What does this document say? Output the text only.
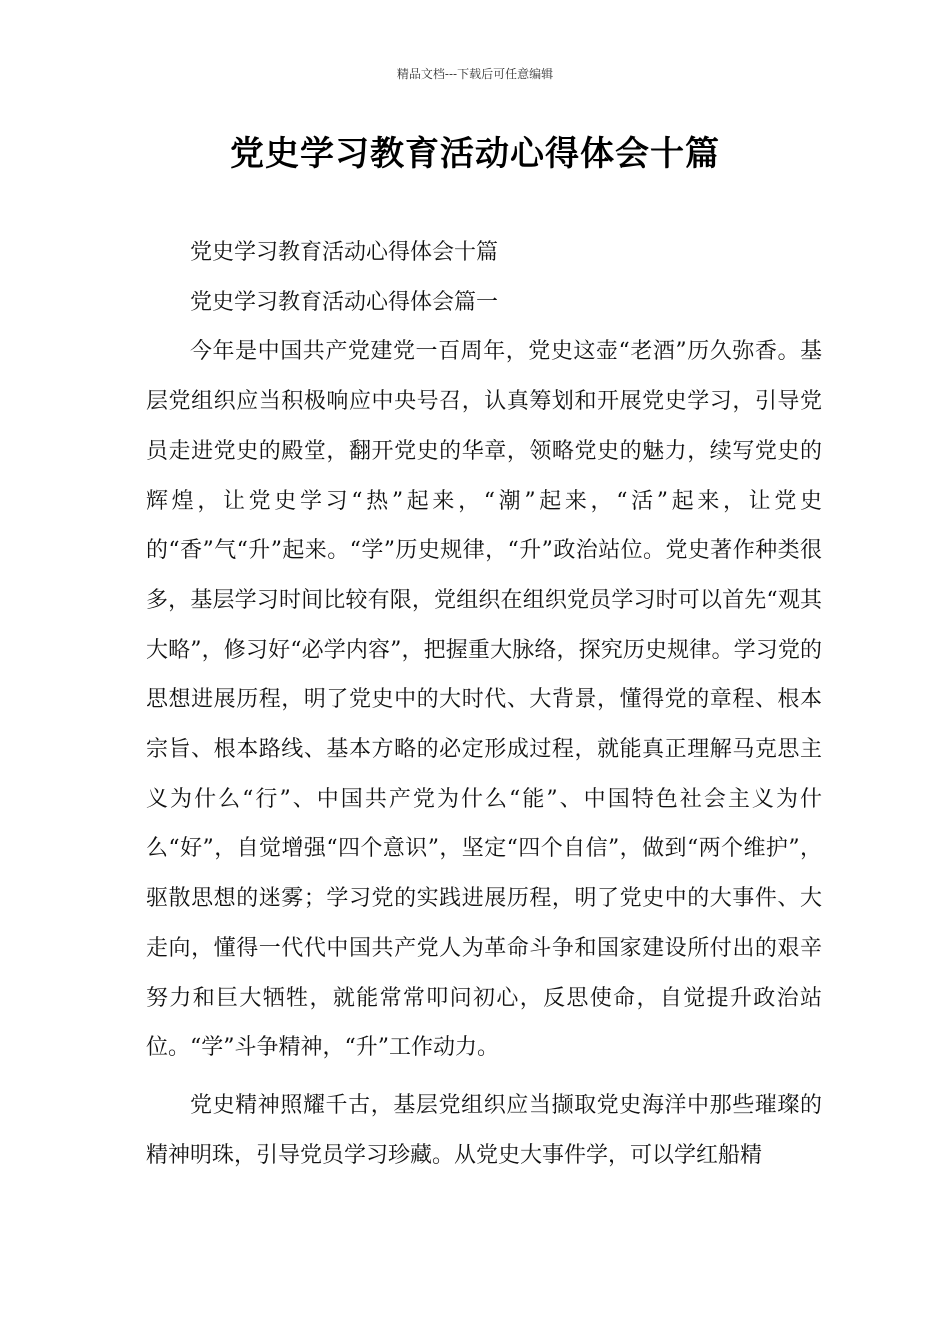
精品文档---下载后可任意编辑
党史学习教育活动心得体会十篇

党史学习教育活动心得体会十篇

党史学习教育活动心得体会篇一

今年是中国共产党建党一百周年，党史这壶“老酒”历久弥香。基层党组织应当积极响应中央号召，认真筹划和开展党史学习，引导党员走进党史的殿堂，翻开党史的华章，领略党史的魅力，续写党史的辉煌，让党史学习“热”起来，“潮”起来，“活”起来，让党史的“香”气“升”起来。“学”历史规律，“升”政治站位。党史著作种类很多，基层学习时间比较有限，党组织在组织党员学习时可以首先“观其大略”，修习好“必学内容”，把握重大脉络，探究历史规律。学习党的思想进展历程，明了党史中的大时代、大背景，懂得党的章程、根本宗旨、根本路线、基本方略的必定形成过程，就能真正理解马克思主义为什么“行”、中国共产党为什么“能”、中国特色社会主义为什么“好”，自觉增强“四个意识”，坚定“四个自信”，做到“两个维护”，驱散思想的迷雾；学习党的实践进展历程，明了党史中的大事件、大走向，懂得一代代中国共产党人为革命斗争和国家建设所付出的艰辛努力和巨大牺牲，就能常常叩问初心，反思使命，自觉提升政治站位。“学”斗争精神，“升”工作动力。

党史精神照耀千古，基层党组织应当撷取党史海洋中那些璀璨的精神明珠，引导党员学习珍藏。从党史大事件学，可以学红船精
